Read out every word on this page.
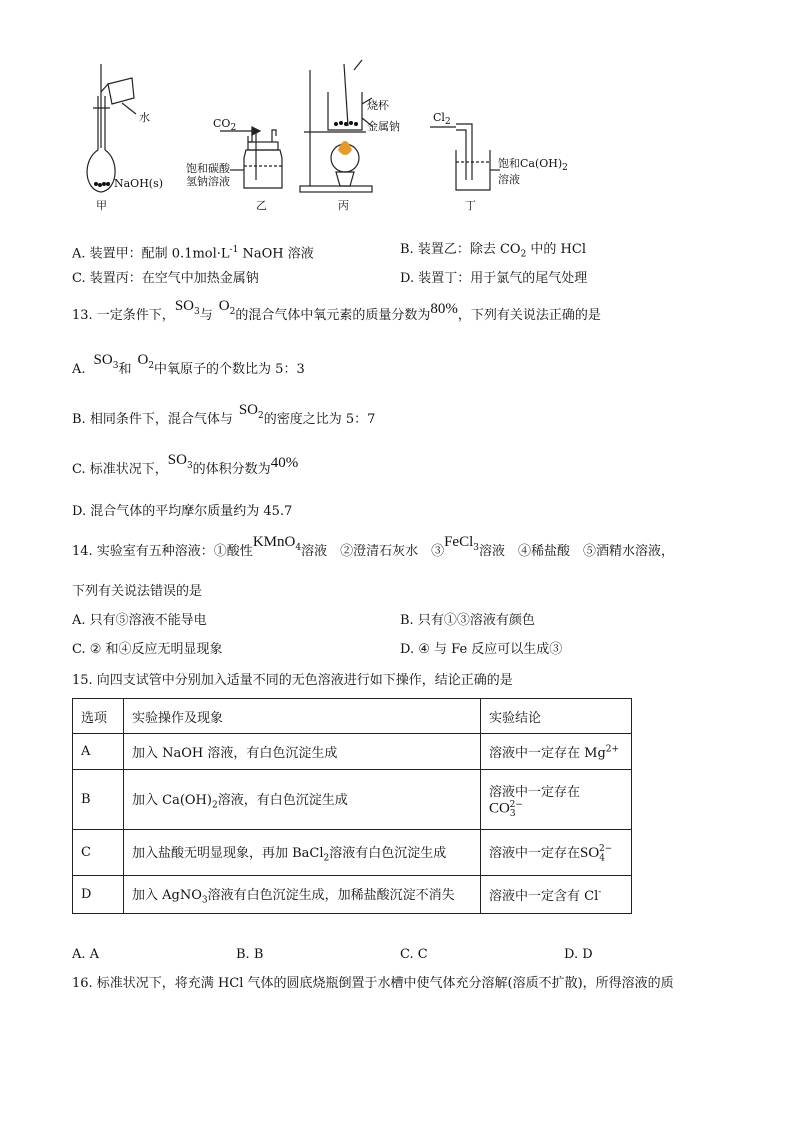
水
NaOH(s)
$CO_2$
饱和碳酸
氢钠溶液
烧杯
金属钠
$Cl_2$
饱和$Ca(OH)_2$
溶液
甲	乙	丙	丁
A. 装置甲：配制 $0.1mol\cdot L^{-1}$ NaOH 溶液	B. 装置乙：除去 $CO_2$ 中的 HCl
C. 装置丙：在空气中加热金属钠	D. 装置丁：用于氯气的尾气处理
13. 一定条件下，$SO_3$与$O_2$的混合气体中氧元素的质量分数为80%，下列有关说法正确的是
$A.SO_3$和$O_2$中氧原子的个数比为 5：3
B. 相同条件下，混合气体与$SO_2$的密度之比为 5：7
C. 标准状况下，$SO_3$的体积分数为40%
D. 混合气体的平均摩尔质量约为 45.7
14. 实验室有五种溶液：①酸性KMnO$_4$溶液　②澄清石灰水　③FeCl$_3$溶液　④稀盐酸　⑤酒精水溶液，
下列有关说法错误的是
A. 只有⑤溶液不能导电	B. 只有①③溶液有颜色
C. ② 和④反应无明显现象	D. ④ 与 Fe 反应可以生成③
15. 向四支试管中分别加入适量不同的无色溶液进行如下操作，结论正确的是
选项	实验操作及现象	实验结论
A	加入 NaOH 溶液，有白色沉淀生成	溶液中一定存在 $Mg^{2+}$
B	加入 $Ca(OH)_2$溶液，有白色沉淀生成	溶液中一定存在
$CO_3^{2-}$
C	加入盐酸无明显现象，再加 BaCl$_2$溶液有白色沉淀生成	溶液中一定存在$SO_4^{2-}$
D	加入 AgNO$_3$溶液有白色沉淀生成，加稀盐酸沉淀不消失	溶液中一定含有 Cl-
A. A	B. B	C. C	D. D
16. 标准状况下，将充满 HCl 气体的圆底烧瓶倒置于水槽中使气体充分溶解(溶质不扩散)，所得溶液的质
